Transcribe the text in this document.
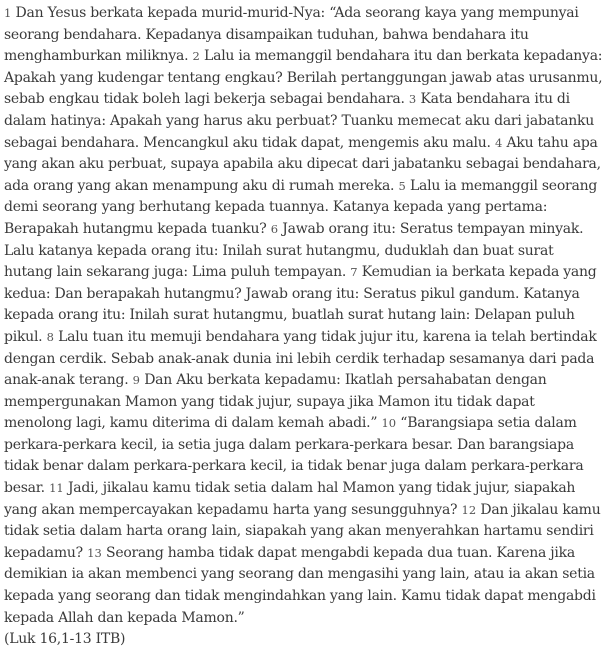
1 Dan Yesus berkata kepada murid-murid-Nya: “Ada seorang kaya yang mempunyai seorang bendahara. Kepadanya disampaikan tuduhan, bahwa bendahara itu menghamburkan miliknya. 2 Lalu ia memanggil bendahara itu dan berkata kepadanya: Apakah yang kudengar tentang engkau? Berilah pertanggungan jawab atas urusanmu, sebab engkau tidak boleh lagi bekerja sebagai bendahara. 3 Kata bendahara itu di dalam hatinya: Apakah yang harus aku perbuat? Tuanku memecat aku dari jabatanku sebagai bendahara. Mencangkul aku tidak dapat, mengemis aku malu. 4 Aku tahu apa yang akan aku perbuat, supaya apabila aku dipecat dari jabatanku sebagai bendahara, ada orang yang akan menampung aku di rumah mereka. 5 Lalu ia memanggil seorang demi seorang yang berhutang kepada tuannya. Katanya kepada yang pertama: Berapakah hutangmu kepada tuanku? 6 Jawab orang itu: Seratus tempayan minyak. Lalu katanya kepada orang itu: Inilah surat hutangmu, duduklah dan buat surat hutang lain sekarang juga: Lima puluh tempayan. 7 Kemudian ia berkata kepada yang kedua: Dan berapakah hutangmu? Jawab orang itu: Seratus pikul gandum. Katanya kepada orang itu: Inilah surat hutangmu, buatlah surat hutang lain: Delapan puluh pikul. 8 Lalu tuan itu memuji bendahara yang tidak jujur itu, karena ia telah bertindak dengan cerdik. Sebab anak-anak dunia ini lebih cerdik terhadap sesamanya dari pada anak-anak terang. 9 Dan Aku berkata kepadamu: Ikatlah persahabatan dengan mempergunakan Mamon yang tidak jujur, supaya jika Mamon itu tidak dapat menolong lagi, kamu diterima di dalam kemah abadi.” 10 “Barangsiapa setia dalam perkara-perkara kecil, ia setia juga dalam perkara-perkara besar. Dan barangsiapa tidak benar dalam perkara-perkara kecil, ia tidak benar juga dalam perkara-perkara besar. 11 Jadi, jikalau kamu tidak setia dalam hal Mamon yang tidak jujur, siapakah yang akan mempercayakan kepadamu harta yang sesungguhnya? 12 Dan jikalau kamu tidak setia dalam harta orang lain, siapakah yang akan menyerahkan hartamu sendiri kepadamu? 13 Seorang hamba tidak dapat mengabdi kepada dua tuan. Karena jika demikian ia akan membenci yang seorang dan mengasihi yang lain, atau ia akan setia kepada yang seorang dan tidak mengindahkan yang lain. Kamu tidak dapat mengabdi kepada Allah dan kepada Mamon.”
(Luk 16,1-13 ITB)
